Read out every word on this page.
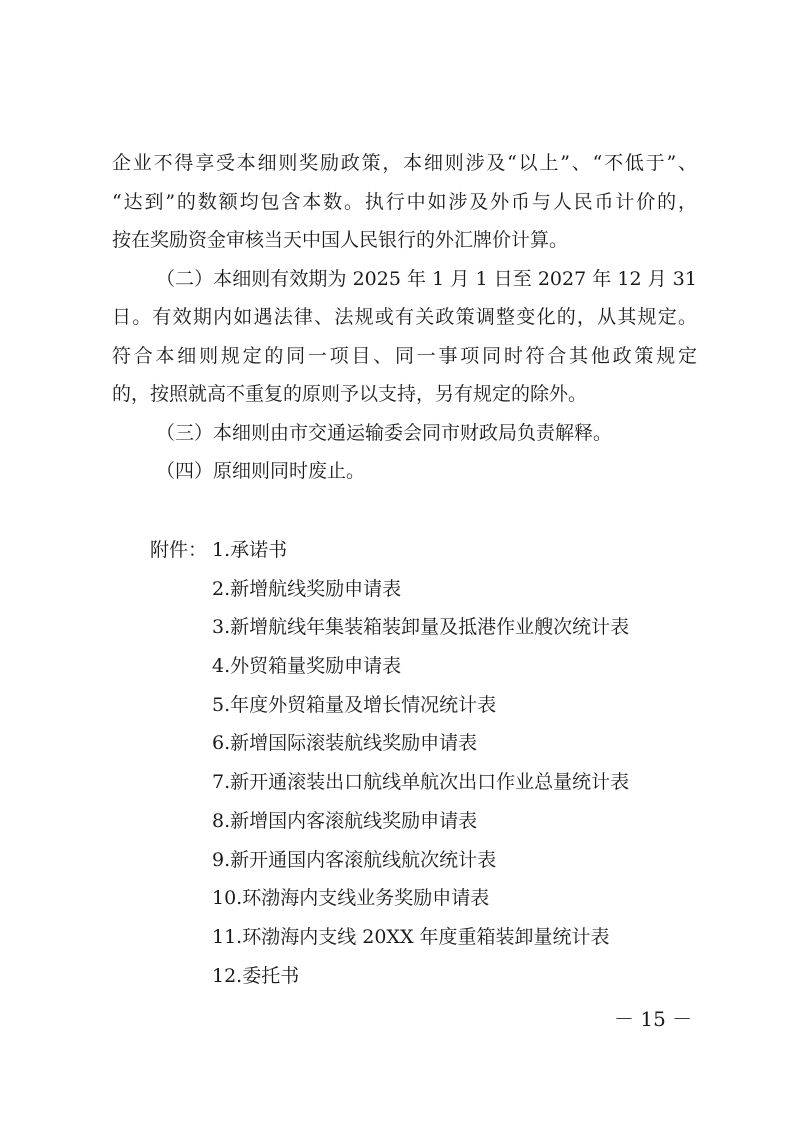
企业不得享受本细则奖励政策，本细则涉及“以上”、“不低于”、
“达到”的数额均包含本数。执行中如涉及外币与人民币计价的，
按在奖励资金审核当天中国人民银行的外汇牌价计算。
（二）本细则有效期为 2025 年 1 月 1 日至 2027 年 12 月 31
日。有效期内如遇法律、法规或有关政策调整变化的，从其规定。
符合本细则规定的同一项目、同一事项同时符合其他政策规定
的，按照就高不重复的原则予以支持，另有规定的除外。
（三）本细则由市交通运输委会同市财政局负责解释。
（四）原细则同时废止。
附件： 1.承诺书
2.新增航线奖励申请表
3.新增航线年集装箱装卸量及抵港作业艘次统计表
4.外贸箱量奖励申请表
5.年度外贸箱量及增长情况统计表
6.新增国际滚装航线奖励申请表
7.新开通滚装出口航线单航次出口作业总量统计表
8.新增国内客滚航线奖励申请表
9.新开通国内客滚航线航次统计表
10.环渤海内支线业务奖励申请表
11.环渤海内支线 20XX 年度重箱装卸量统计表
12.委托书
－ 15 －
